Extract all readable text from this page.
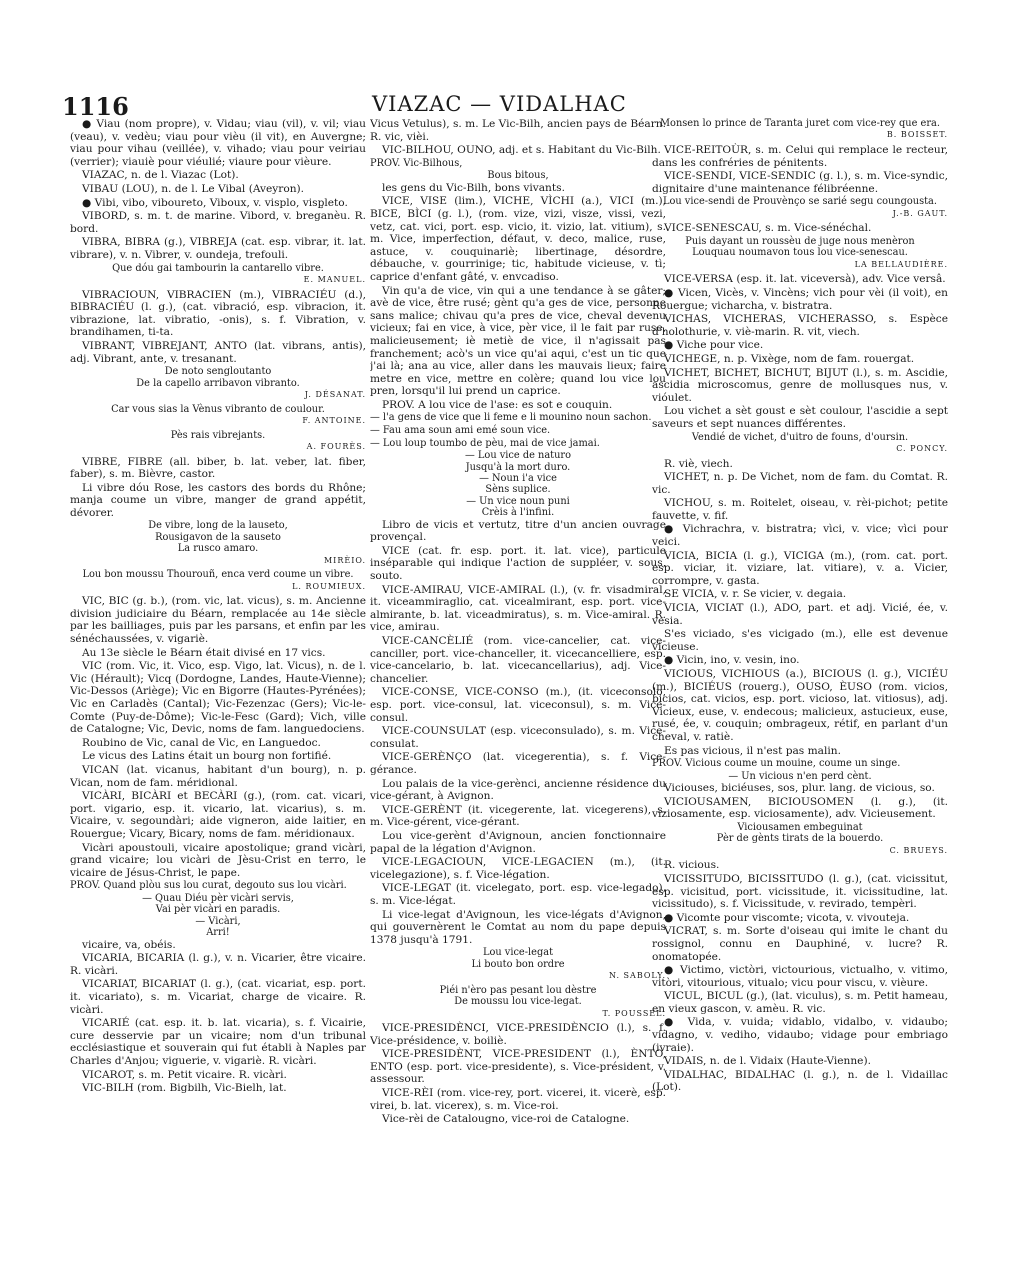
1116	VIAZAC — VIDALHAC

● Viau (nom propre), v. Vidau; viau (vil), v. vil; viau (veau), v. vedèu; viau pour vièu (il vit), en Auvergne; viau pour vihau (veillée), v. vihado; viau pour veiriau (verrier); viauiè pour viéulié; viaure pour vièure.

VIAZAC, n. de l. Viazac (Lot).

VIBAU (LOU), n. de l. Le Vibal (Aveyron).

● Vibi, vibo, viboureto, Viboux, v. visplo, visp̧leto.

VIBORD, s. m. t. de marine. Vibord, v. breganèu. R. bord.

VIBRA, BIBRA (g.), VIBREJA (cat. esp. vibrar, it. lat. vibrare), v. n. Vibrer, v. oundeja, trefouli.

Que dóu gai tambourin la cantarello vibre.

E. MANUEL.

VIBRACIOUN, VIBRACIEN (m.), VIBRACIÉU (d.), BIBRACIÉU (l. g.), (cat. vibració, esp. vibracion, it. vibrazione, lat. vibratio, -onis), s. f. Vibration, v. brandihamen, ti-ta.

VIBRANT, VIBREJANT, ANTO (lat. vibrans, antis), adj. Vibrant, ante, v. tresanant.

De noto sengloutanto

De la capello arribavon vibranto.

J. DÉSANAT.

Car vous sias la Vènus vibranto de coulour.

F. ANTOINE.

Pès rais vibrejants.

A. FOURÈS.

VIBRE, FIBRE (all. biber, b. lat. veber, lat. fiber, faber), s. m. Bièvre, castor.

Li vibre dóu Rose, les castors des bords du Rhône; manja coume un vibre, manger de grand appétit, dévorer.

De vibre, long de la lauseto,

Rousigavon de la sauseto

La rusco amaro.

MIRÈIO.

Lou bon moussu Thourouñ, enca verd coume un vibre.

L. ROUMIEUX.

VIC, BIC (g. b.), (rom. vic, lat. vicus), s. m. Ancienne division judiciaire du Béarn, remplacée au 14e siècle par les bailliages, puis par les parsans, et enfin par les sénéchaussées, v. vigariè.

Au 13e siècle le Béarn était divisé en 17 vics.

VIC (rom. Vic, it. Vico, esp. Vigo, lat. Vicus), n. de l. Vic (Hérault); Vicq (Dordogne, Landes, Haute-Vienne); Vic-Dessos (Ariège); Vic en Bigorre (Hautes-Pyrénées); Vic en Carladès (Cantal); Vic-Fezenzac (Gers); Vic-le-Comte (Puy-de-Dôme); Vic-le-Fesc (Gard); Vich, ville de Catalogne; Vic, Devic, noms de fam. languedociens.

Roubino de Vic, canal de Vic, en Languedoc.

Le vicus des Latins était un bourg non fortifié.

VICAN (lat. vicanus, habitant d'un bourg), n. p. Vican, nom de fam. méridional.

VICÀRI, BICÀRI et BECÀRI (g.), (rom. cat. vicari, port. vigario, esp. it. vicario, lat. vicarius), s. m. Vicaire, v. segoundàri; aide vigneron, aide laitier, en Rouergue; Vicary, Bicary, noms de fam. méridionaux.

Vicàri apoustouli, vicaire apostolique; grand vicàri, grand vicaire; lou vicàri de Jèsu-Crist en terro, le vicaire de Jésus-Christ, le pape.

PROV. Quand plòu sus lou curat, degouto sus lou vicàri.

— Quau Diéu pèr vicàri servis,

Vai pèr vicàri en paradis.

— Vicàri,

Arri!

vicaire, va, obéis.

VICARIA, BICARIA (l. g.), v. n. Vicarier, être vicaire. R. vicàri.

VICARIAT, BICARIAT (l. g.), (cat. vicariat, esp. port. it. vicariato), s. m. Vicariat, charge de vicaire. R. vicàri.

VICARIÉ (cat. esp. it. b. lat. vicaria), s. f. Vicairie, cure desservie par un vicaire; nom d'un tribunal ecclésiastique et souverain qui fut établi à Naples par Charles d'Anjou; viguerie, v. vigariè. R. vicàri.

VICAROT, s. m. Petit vicaire. R. vicàri.

VIC-BILH (rom. Bigbilh, Vic-Bielh, lat.

Vicus Vetulus), s. m. Le Vic-Bilh, ancien pays de Béarn. R. vic, vièi.

VIC-BILHOU, OUNO, adj. et s. Habitant du Vic-Bilh.

PROV. Vic-Bilhous,

Bous bitous,

les gens du Vic-Bilh, bons vivants.

VICE, VISE (lim.), VICHE, VÌCHI (a.), VICI (m.), BICE, BÌCI (g. l.), (rom. vize, vizi, visze, vissi, vezi, vetz, cat. vici, port. esp. vicio, it. vizio, lat. vitium), s. m. Vice, imperfection, défaut, v. deco, malice, ruse, astuce, v. couquinariè; libertinage, désordre, débauche, v. gourrinige; tic, habitude vicieuse, v. tì; caprice d'enfant gâté, v. envcadiso.

Vin qu'a de vice, vin qui a une tendance à se gâter; avè de vice, être rusé; gènt qu'a ges de vice, personne sans malice; chivau qu'a pres de vice, cheval devenu vicieux; fai en vice, à vice, pèr vice, il le fait par ruse, malicieusement; iè metiè de vice, il n'agissait pas franchement; acò's un vice qu'ai aqui, c'est un tic que j'ai là; ana au vice, aller dans les mauvais lieux; faire metre en vice, mettre en colère; quand lou vice lou pren, lorsqu'il lui prend un caprice.

PROV. A lou vice de l'ase: es sot e couquin.

— l'a gens de vice que li feme e li mounino noun sachon.

— Fau ama soun ami emé soun vice.

— Lou loup toumbo de pèu, mai de vice jamai.

— Lou vice de naturo

Jusqu'à la mort duro.

— Noun i'a vice

Sèns suplice.

— Un vice noun puni

Crèis à l'infini.

Libro de vicis et vertutz, titre d'un ancien ouvrage provençal.

VICE (cat. fr. esp. port. it. lat. vice), particule inséparable qui indique l'action de suppléer, v. sous, souto.

VICE-AMIRAU, VICE-AMIRAL (l.), (v. fr. visadmiral, it. viceammiraglio, cat. vicealmirant, esp. port. vice-almirante, b. lat. viceadmiratus), s. m. Vice-amiral. R. vice, amirau.

VICE-CANCÈLIÉ (rom. vice-cancelier, cat. vice-canciller, port. vice-chanceller, it. vicecancelliere, esp. vice-cancelario, b. lat. vicecancellarius), adj. Vice-chancelier.

VICE-CONSE, VICE-CONSO (m.), (it. viceconsolo, esp. port. vice-consul, lat. viceconsul), s. m. Vice-consul.

VICE-COUNSULAT (esp. viceconsulado), s. m. Vice-consulat.

VICE-GERÈNÇO (lat. vicegerentia), s. f. Vice-gérance.

Lou palais de la vice-gerènci, ancienne résidence du vice-gérant, à Avignon.

VICE-GERÈNT (it. vicegerente, lat. vicegerens), s. m. Vice-gérent, vice-gérant.

Lou vice-gerènt d'Avignoun, ancien fonctionnaire papal de la légation d'Avignon.

VICE-LEGACIOUN, VICE-LEGACIEN (m.), (it. vicelegazione), s. f. Vice-légation.

VICE-LEGAT (it. vicelegato, port. esp. vice-legado), s. m. Vice-légat.

Li vice-legat d'Avignoun, les vice-légats d'Avignon, qui gouvernèrent le Comtat au nom du pape depuis 1378 jusqu'à 1791.

Lou vice-legat

Li bouto bon ordre

N. SABOLY.

Piéi n'èro pas pesant lou dèstre

De moussu lou vice-legat.

T. POUSSEL.

VICE-PRESIDÈNCI, VICE-PRESIDÈNCIO (l.), s. f. Vice-présidence, v. boiliè.

VICE-PRESIDÈNT, VICE-PRESIDENT (l.), ÈNTO, ENTO (esp. port. vice-presidente), s. Vice-président, v. assessour.

VICE-RÈI (rom. vice-rey, port. vicerei, it. vicerè, esp. virei, b. lat. vicerex), s. m. Vice-roi.

Vice-rèi de Catalougno, vice-roi de Catalogne.

Monsen lo prince de Taranta juret com vice-rey que era.

B. BOISSET.

VICE-REITOÙR, s. m. Celui qui remplace le recteur, dans les confréries de pénitents.

VICE-SENDI, VICE-SENDIC (g. l.), s. m. Vice-syndic, dignitaire d'une maintenance félibréenne.

Lou vice-sendi de Prouvènço se sarié segu coungousta.

J.-B. GAUT.

VICE-SENESCAU, s. m. Vice-sénéchal.

Puis dayant un roussèu de juge nous menèron

Louquau noumavon tous lou vice-senescau.

LA BELLAUDIÈRE.

VICE-VERSA (esp. it. lat. viceversà), adv. Vice versâ.

● Vicen, Vicès, v. Vincèns; vich pour vèi (il voit), en Rouergue; vicharcha, v. bistratra.

VICHAS, VICHERAS, VICHERASSO, s. Espèce d'holothurie, v. viè-marin. R. vit, viech.

● Viche pour vice.

VICHEGE, n. p. Vixège, nom de fam. rouergat.

VICHET, BICHET, BICHUT, BIJUT (l.), s. m. Ascidie, ascidia microscomus, genre de mollusques nus, v. vióulet.

Lou vichet a sèt goust e sèt coulour, l'ascidie a sept saveurs et sept nuances différentes.

Vendié de vichet, d'uitro de founs, d'oursin.

C. PONCY.

R. viè, viech.

VICHET, n. p. De Vichet, nom de fam. du Comtat. R. vic.

VICHOU, s. m. Roitelet, oiseau, v. rèi-pichot; petite fauvette, v. fif.

● Vichrachra, v. bistratra; vìci, v. vice; vìci pour veici.

VICIA, BICIA (l. g.), VICIGA (m.), (rom. cat. port. esp. viciar, it. viziare, lat. vitiare), v. a. Vicier, corrompre, v. gasta.

SE VICIA, v. r. Se vicier, v. degaia.

VICIA, VICIAT (l.), ADO, part. et adj. Vicié, ée, v. vesia.

S'es viciado, s'es vicigado (m.), elle est devenue vicieuse.

● Vicin, ino, v. vesin, ino.

VICIOUS, VICHIOUS (a.), BICIOUS (l. g.), VICIÉU (m.), BICIÉUS (rouerg.), OUSO, ÈUSO (rom. vicios, bicios, cat. vicios, esp. port. vicioso, lat. vitiosus), adj. Vicieux, euse, v. endecous; malicieux, astucieux, euse, rusé, ée, v. couquin; ombrageux, rétif, en parlant d'un cheval, v. ratiè.

Es pas vicious, il n'est pas malin.

PROV. Vicious coume un mouine, coume un singe.

— Un vicious n'en perd cènt.

Viciouses, biciéuses, sos, plur. lang. de vicious, so.

VICIOUSAMEN, BICIOUSOMEN (l. g.), (it. viziosamente, esp. viciosamente), adv. Vicieusement.

Viciousamen embeguinat

Pèr de gènts tirats de la bouerdo.

C. BRUEYS.

R. vicious.

VICISSITUDO, BICISSITUDO (l. g.), (cat. vicissitut, esp. vicisitud, port. vicissitude, it. vicissitudine, lat. vicissitudo), s. f. Vicissitude, v. revirado, tempèri.

● Vicomte pour viscomte; vicota, v. vivouteja.

VICRAT, s. m. Sorte d'oiseau qui imite le chant du rossignol, connu en Dauphiné, v. lucre? R. onomatopée.

● Victimo, victòri, victourious, victualho, v. vitimo, vitòri, vitourious, vitualo; vicu pour viscu, v. vièure.

VICUL, BICUL (g.), (lat. viculus), s. m. Petit hameau, en vieux gascon, v. amèu. R. vic.

● Vida, v. vuida; vidablo, vidalbo, v. vidaubo; vidagno, v. vediho, vidaubo; vidage pour embriago (ivraie).

VIDAIS, n. de l. Vidaix (Haute-Vienne).

VIDALHAC, BIDALHAC (l. g.), n. de l. Vidaillac (Lot).
